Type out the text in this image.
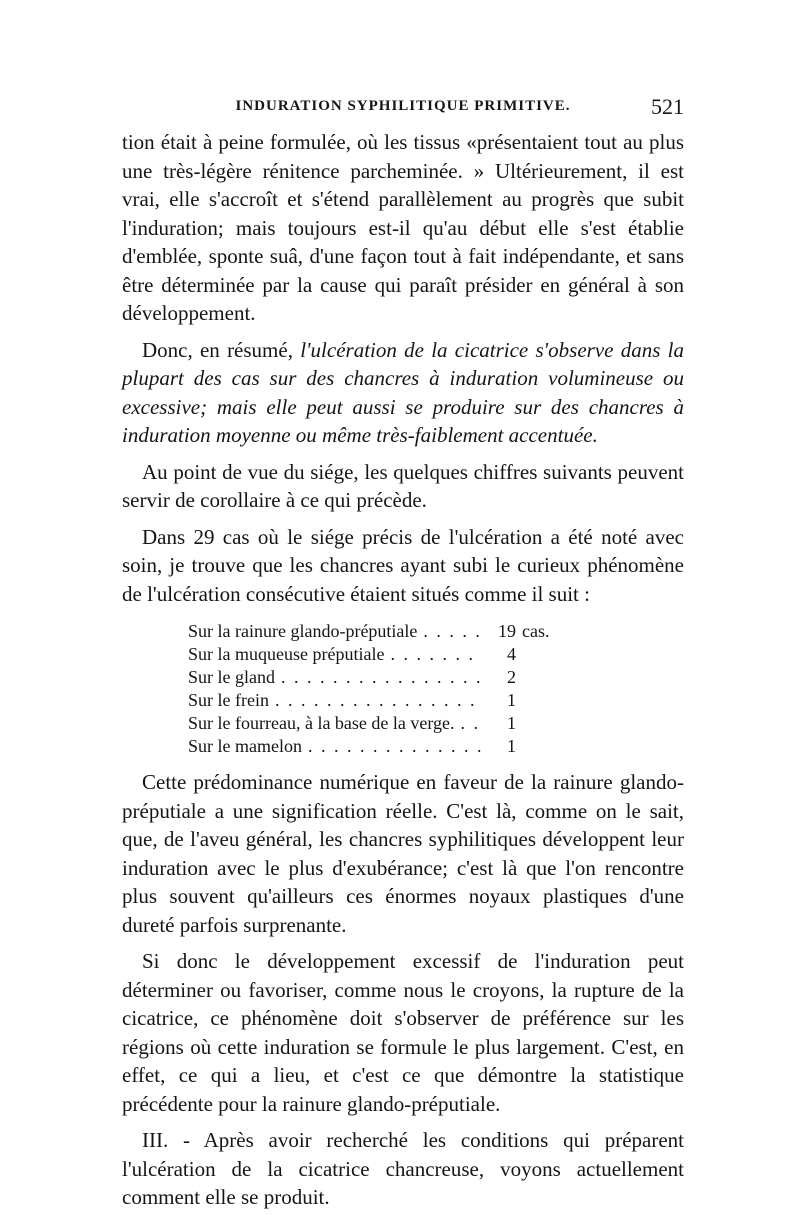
INDURATION SYPHILITIQUE PRIMITIVE.	521

tion était à peine formulée, où les tissus «présentaient tout au plus une très-légère rénitence parcheminée. » Ultérieurement, il est vrai, elle s'accroît et s'étend parallèlement au progrès que subit l'induration; mais toujours est-il qu'au début elle s'est établie d'emblée, sponte suâ, d'une façon tout à fait indépendante, et sans être déterminée par la cause qui paraît présider en général à son développement.

Donc, en résumé, l'ulcération de la cicatrice s'observe dans la plupart des cas sur des chancres à induration volumineuse ou excessive; mais elle peut aussi se produire sur des chancres à induration moyenne ou même très-faiblement accentuée.

Au point de vue du siége, les quelques chiffres suivants peuvent servir de corollaire à ce qui précède.

Dans 29 cas où le siége précis de l'ulcération a été noté avec soin, je trouve que les chancres ayant subi le curieux phénomène de l'ulcération consécutive étaient situés comme il suit :

Sur la rainure glando-préputiale . . .	19 cas.
Sur la muqueuse préputiale . . .	4
Sur le gland . . .	2
Sur le frein . . .	1
Sur le fourreau, à la base de la verge. . . .	1
Sur le mamelon . . .	1

Cette prédominance numérique en faveur de la rainure glando-préputiale a une signification réelle. C'est là, comme on le sait, que, de l'aveu général, les chancres syphilitiques développent leur induration avec le plus d'exubérance; c'est là que l'on rencontre plus souvent qu'ailleurs ces énormes noyaux plastiques d'une dureté parfois surprenante.

Si donc le développement excessif de l'induration peut déterminer ou favoriser, comme nous le croyons, la rupture de la cicatrice, ce phénomène doit s'observer de préférence sur les régions où cette induration se formule le plus largement. C'est, en effet, ce qui a lieu, et c'est ce que démontre la statistique précédente pour la rainure glando-préputiale.

III. - Après avoir recherché les conditions qui préparent l'ulcération de la cicatrice chancreuse, voyons actuellement comment elle se produit.
